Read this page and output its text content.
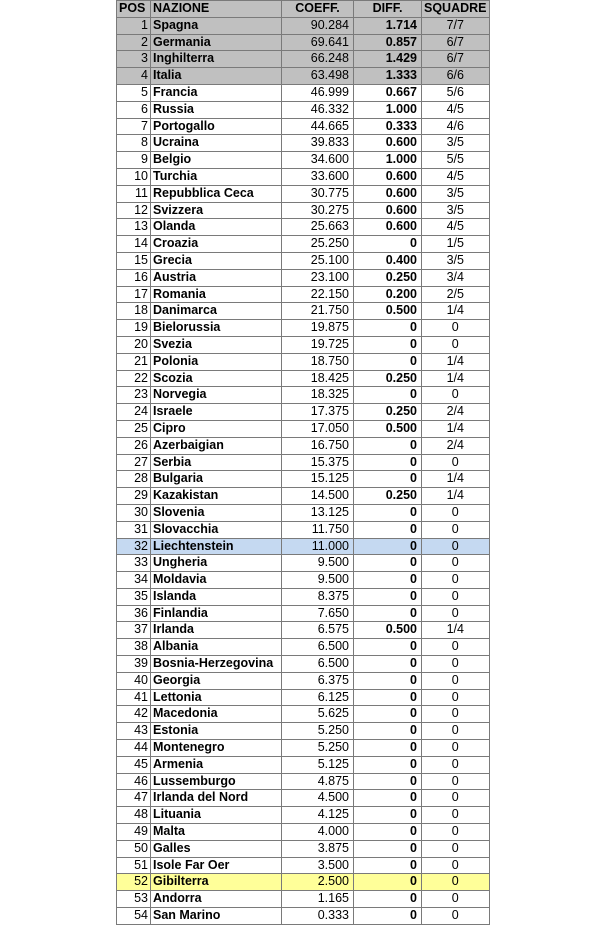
POS	NAZIONE	COEFF.	DIFF.	SQUADRE
1	Spagna	90.284	1.714	7/7
2	Germania	69.641	0.857	6/7
3	Inghilterra	66.248	1.429	6/7
4	Italia	63.498	1.333	6/6
5	Francia	46.999	0.667	5/6
6	Russia	46.332	1.000	4/5
7	Portogallo	44.665	0.333	4/6
8	Ucraina	39.833	0.600	3/5
9	Belgio	34.600	1.000	5/5
10	Turchia	33.600	0.600	4/5
11	Repubblica Ceca	30.775	0.600	3/5
12	Svizzera	30.275	0.600	3/5
13	Olanda	25.663	0.600	4/5
14	Croazia	25.250	0	1/5
15	Grecia	25.100	0.400	3/5
16	Austria	23.100	0.250	3/4
17	Romania	22.150	0.200	2/5
18	Danimarca	21.750	0.500	1/4
19	Bielorussia	19.875	0	0
20	Svezia	19.725	0	0
21	Polonia	18.750	0	1/4
22	Scozia	18.425	0.250	1/4
23	Norvegia	18.325	0	0
24	Israele	17.375	0.250	2/4
25	Cipro	17.050	0.500	1/4
26	Azerbaigian	16.750	0	2/4
27	Serbia	15.375	0	0
28	Bulgaria	15.125	0	1/4
29	Kazakistan	14.500	0.250	1/4
30	Slovenia	13.125	0	0
31	Slovacchia	11.750	0	0
32	Liechtenstein	11.000	0	0
33	Ungheria	9.500	0	0
34	Moldavia	9.500	0	0
35	Islanda	8.375	0	0
36	Finlandia	7.650	0	0
37	Irlanda	6.575	0.500	1/4
38	Albania	6.500	0	0
39	Bosnia-Herzegovina	6.500	0	0
40	Georgia	6.375	0	0
41	Lettonia	6.125	0	0
42	Macedonia	5.625	0	0
43	Estonia	5.250	0	0
44	Montenegro	5.250	0	0
45	Armenia	5.125	0	0
46	Lussemburgo	4.875	0	0
47	Irlanda del Nord	4.500	0	0
48	Lituania	4.125	0	0
49	Malta	4.000	0	0
50	Galles	3.875	0	0
51	Isole Far Oer	3.500	0	0
52	Gibilterra	2.500	0	0
53	Andorra	1.165	0	0
54	San Marino	0.333	0	0
